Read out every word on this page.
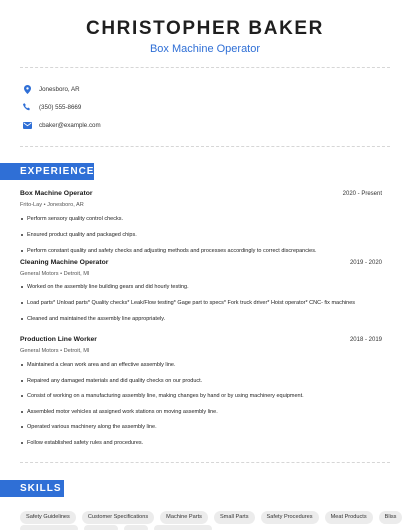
CHRISTOPHER BAKER
Box Machine Operator
Jonesboro, AR
(350) 555-8669
cbaker@example.com
EXPERIENCE
Box Machine Operator	2020 - Present
Frito-Lay • Jonesboro, AR
Perform sensory quality control checks.
Ensured product quality and packaged chips.
Perform constant quality and safety checks and adjusting methods and processes accordingly to correct discrepancies.
Cleaning Machine Operator	2019 - 2020
General Motors • Detroit, MI
Worked on the assembly line building gears and did hourly testing.
Load parts* Unload parts* Quality checks* Leak/Flow testing* Gage part to specs* Fork truck driver* Hoist operator* CNC- fix machines
Cleaned and maintained the assembly line appropriately.
Production Line Worker	2018 - 2019
General Motors • Detroit, MI
Maintained a clean work area and an effective assembly line.
Repaired any damaged materials and did quality checks on our product.
Consist of working on a manufacturing assembly line, making changes by hand or by using machinery equipment.
Assembled motor vehicles at assigned work stations on moving assembly line.
Operated various machinery along the assembly line.
Follow established safety rules and procedures.
SKILLS
Safety Guidelines	Customer Specifications	Machine Parts	Small Parts	Safety Procedures	Meat Products	Bliss
